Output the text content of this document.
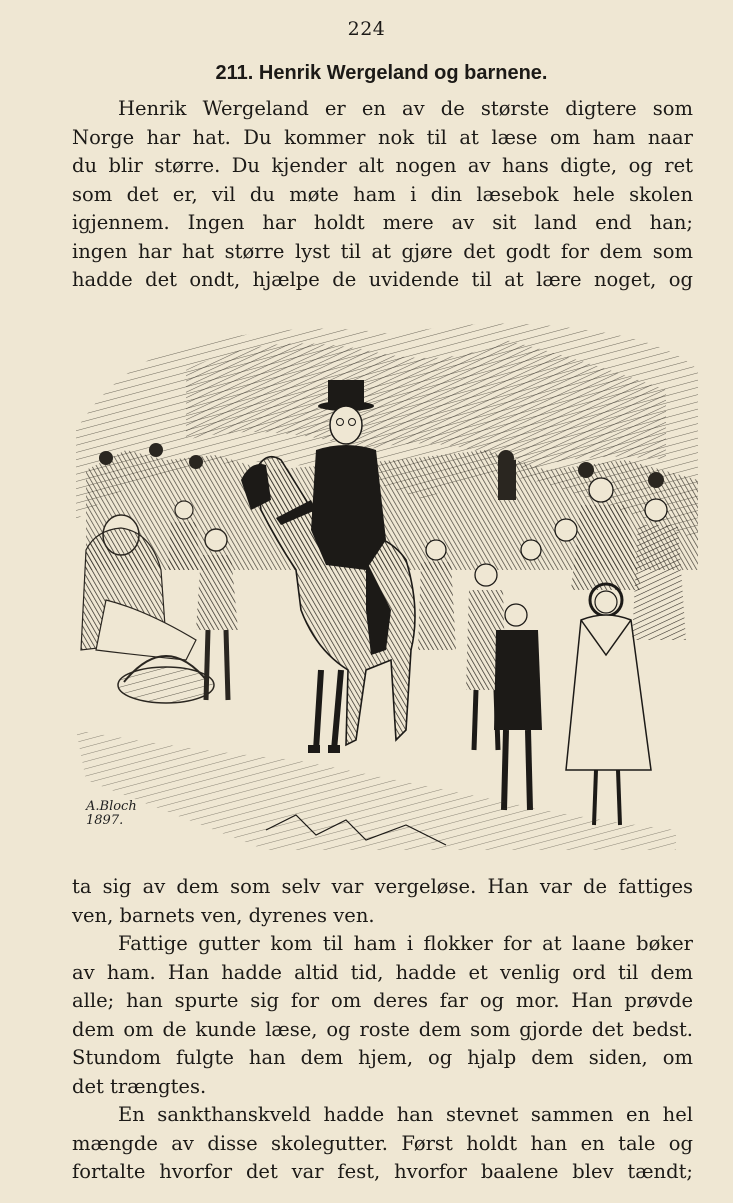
224
211. Henrik Wergeland og barnene.
Henrik Wergeland er en av de største digtere som
Norge har hat. Du kommer nok til at læse om ham naar
du blir større. Du kjender alt nogen av hans digte, og ret
som det er, vil du møte ham i din læsebok hele skolen
igjennem. Ingen har holdt mere av sit land end han;
ingen har hat større lyst til at gjøre det godt for dem som
hadde det ondt, hjælpe de uvidende til at lære noget, og
A.Bloch
1897.
ta sig av dem som selv var vergeløse. Han var de fattiges
ven, barnets ven, dyrenes ven.
Fattige gutter kom til ham i flokker for at laane bøker
av ham. Han hadde altid tid, hadde et venlig ord til dem
alle; han spurte sig for om deres far og mor. Han prøvde
dem om de kunde læse, og roste dem som gjorde det bedst.
Stundom fulgte han dem hjem, og hjalp dem siden, om
det trængtes.
En sankthanskveld hadde han stevnet sammen en hel
mængde av disse skolegutter. Først holdt han en tale og
fortalte hvorfor det var fest, hvorfor baalene blev tændt;
